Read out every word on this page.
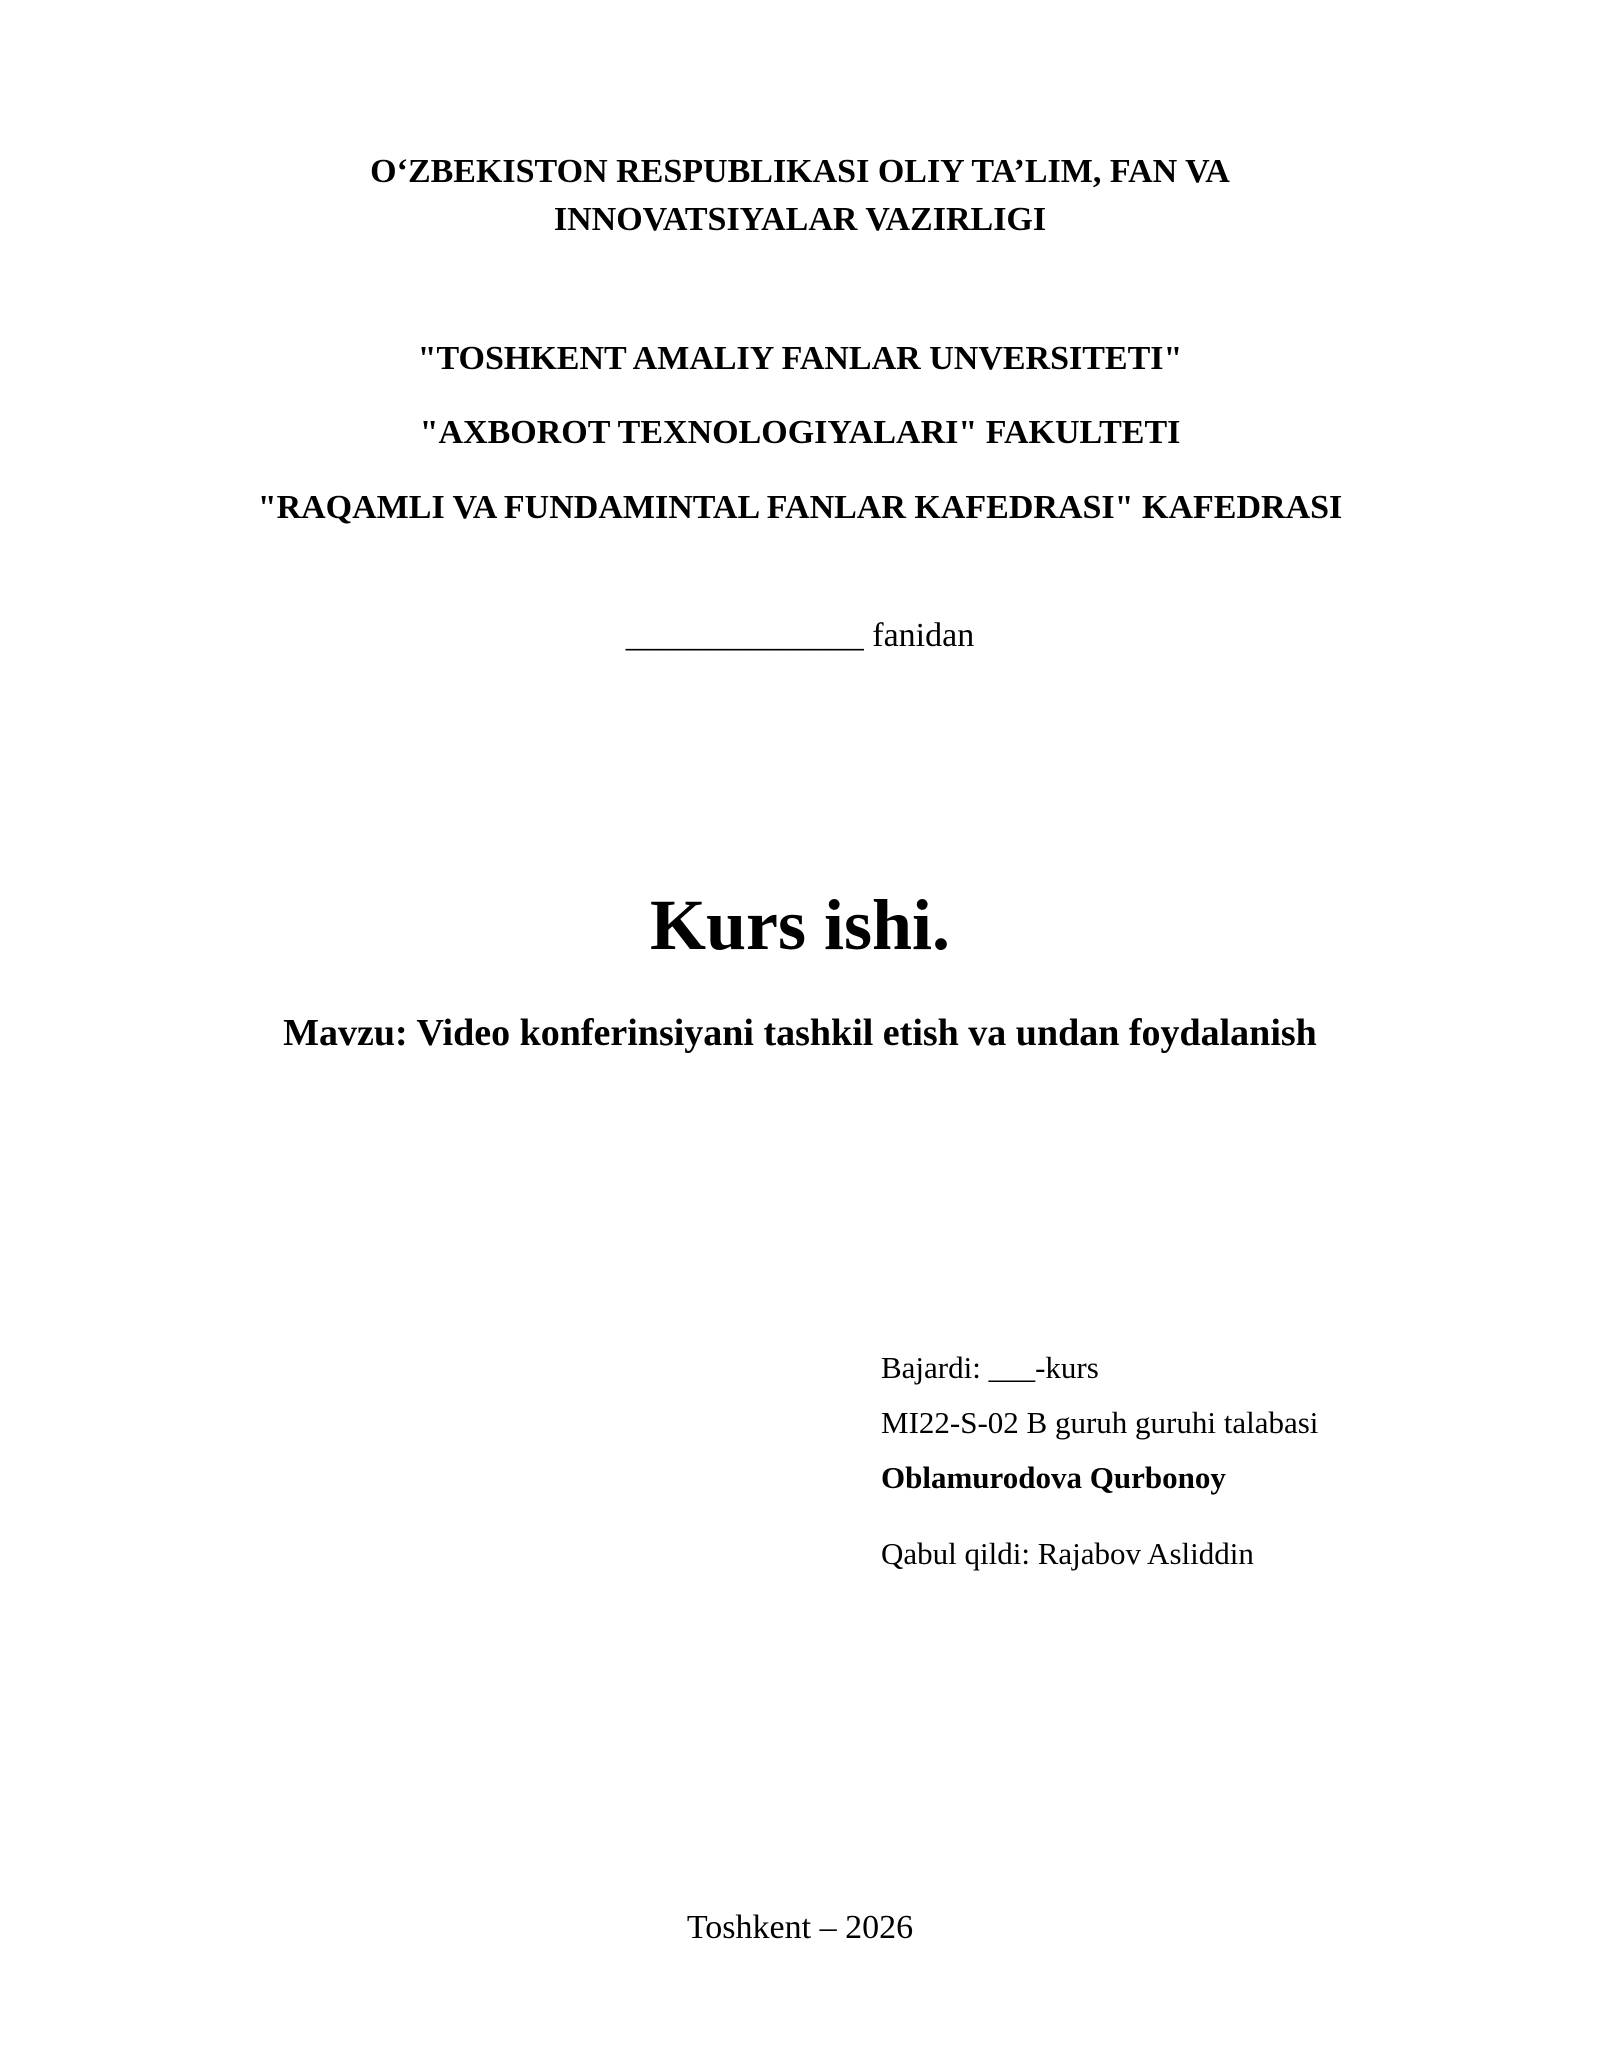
O‘ZBEKISTON RESPUBLIKASI OLIY TA’LIM, FAN VA
INNOVATSIYALAR VAZIRLIGI
"TOSHKENT AMALIY FANLAR UNVERSITETI"
"AXBOROT TEXNOLOGIYALARI" FAKULTETI
"RAQAMLI VA FUNDAMINTAL FANLAR KAFEDRASI" KAFEDRASI
______________ fanidan
Kurs ishi.
Mavzu: Video konferinsiyani tashkil etish va undan foydalanish
Bajardi: ___-kurs
MI22-S-02 B guruh guruhi talabasi
Oblamurodova Qurbonoy
Qabul qildi: Rajabov Asliddin
Toshkent – 2026
